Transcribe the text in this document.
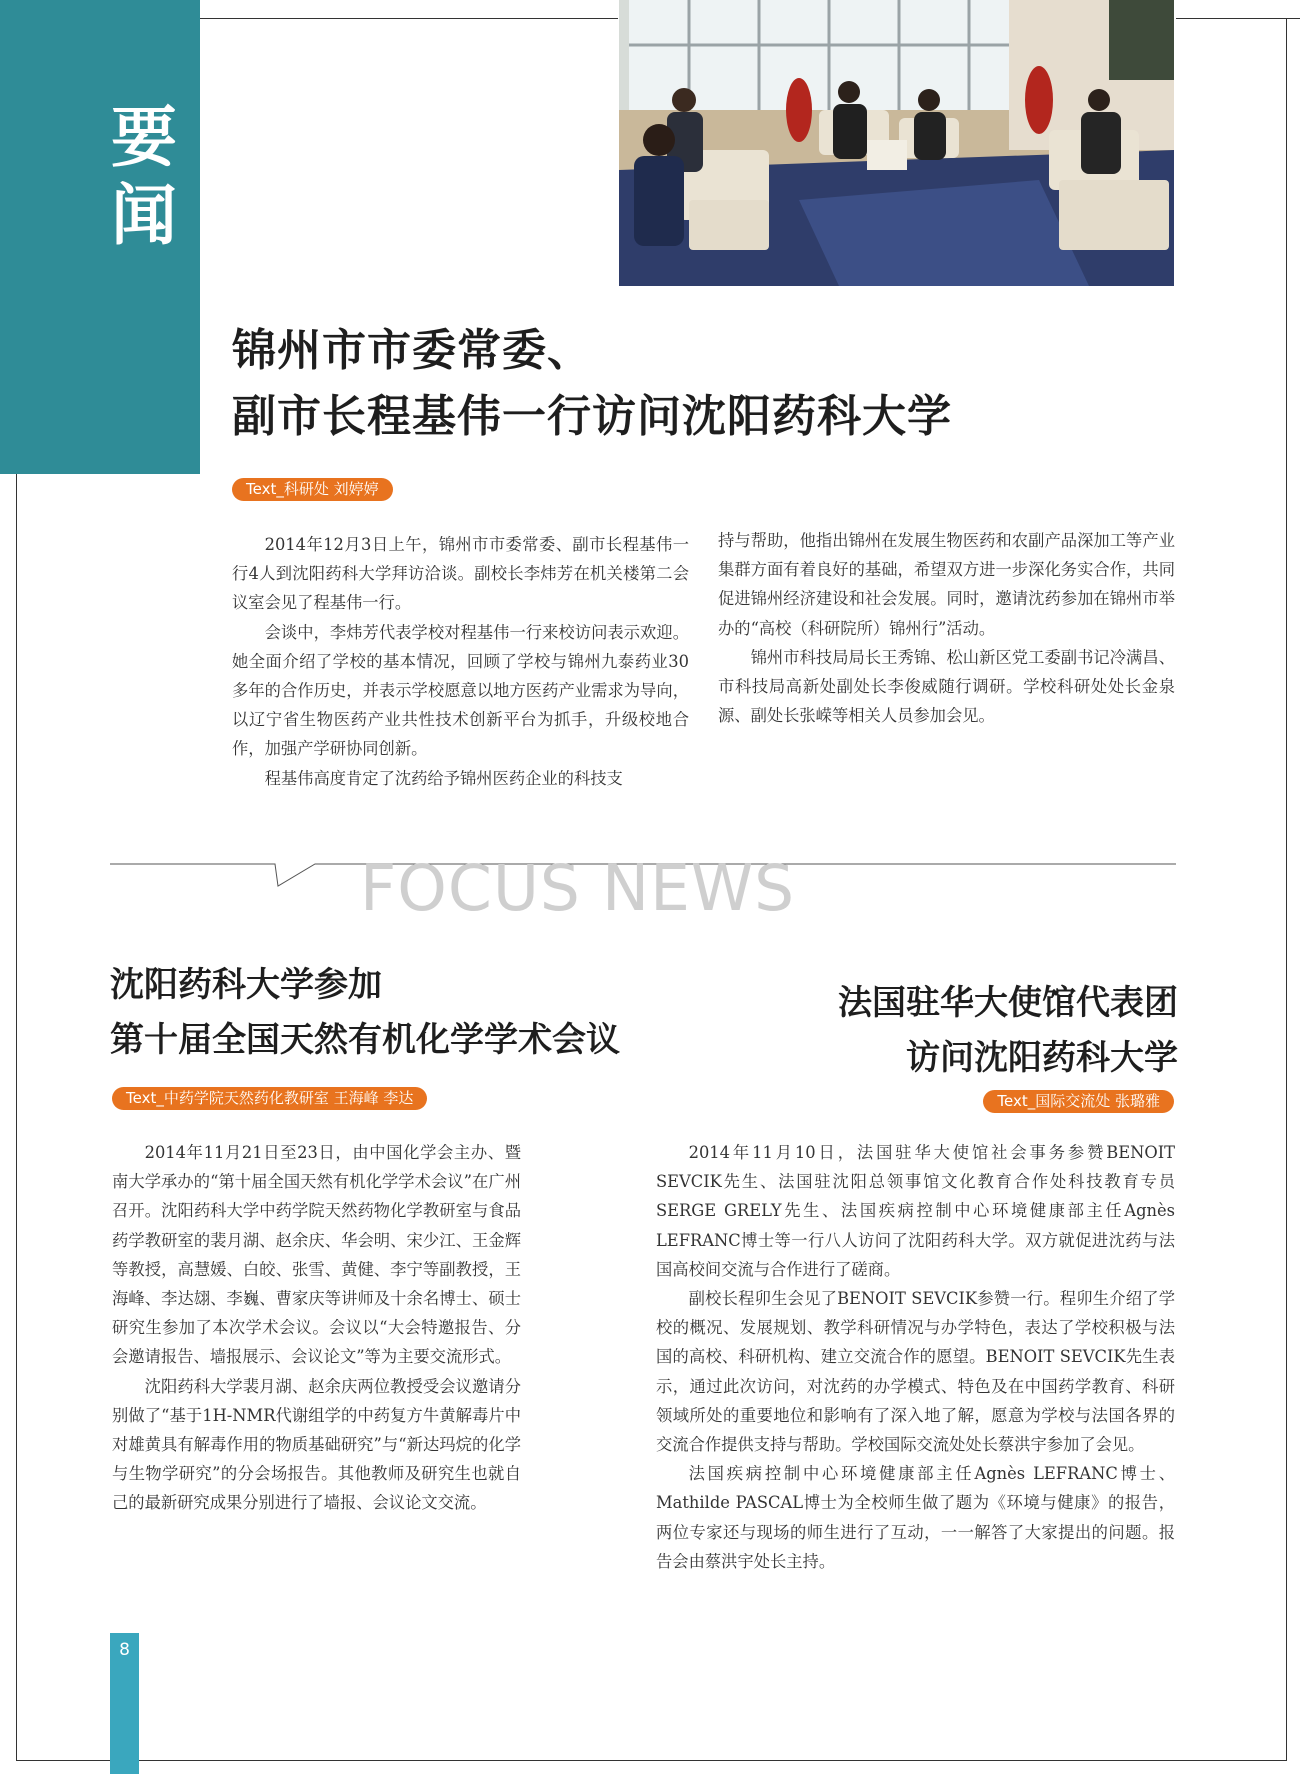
要
闻
锦州市市委常委、
副市长程基伟一行访问沈阳药科大学
Text_科研处 刘婷婷

2014年12月3日上午，锦州市市委常委、副市长程基伟一行4人到沈阳药科大学拜访洽谈。副校长李炜芳在机关楼第二会议室会见了程基伟一行。

会谈中，李炜芳代表学校对程基伟一行来校访问表示欢迎。她全面介绍了学校的基本情况，回顾了学校与锦州九泰药业30多年的合作历史，并表示学校愿意以地方医药产业需求为导向，以辽宁省生物医药产业共性技术创新平台为抓手，升级校地合作，加强产学研协同创新。

程基伟高度肯定了沈药给予锦州医药企业的科技支

持与帮助，他指出锦州在发展生物医药和农副产品深加工等产业集群方面有着良好的基础，希望双方进一步深化务实合作，共同促进锦州经济建设和社会发展。同时，邀请沈药参加在锦州市举办的“高校（科研院所）锦州行”活动。

锦州市科技局局长王秀锦、松山新区党工委副书记冷满昌、市科技局高新处副处长李俊威随行调研。学校科研处处长金泉源、副处长张嵘等相关人员参加会见。

FOCUS NEWS
沈阳药科大学参加
第十届全国天然有机化学学术会议
Text_中药学院天然药化教研室 王海峰 李达

2014年11月21日至23日，由中国化学会主办、暨南大学承办的“第十届全国天然有机化学学术会议”在广州召开。沈阳药科大学中药学院天然药物化学教研室与食品药学教研室的裴月湖、赵余庆、华会明、宋少江、王金辉等教授，高慧媛、白皎、张雪、黄健、李宁等副教授，王海峰、李达翃、李巍、曹家庆等讲师及十余名博士、硕士研究生参加了本次学术会议。会议以“大会特邀报告、分会邀请报告、墙报展示、会议论文”等为主要交流形式。

沈阳药科大学裴月湖、赵余庆两位教授受会议邀请分别做了“基于1H-NMR代谢组学的中药复方牛黄解毒片中对雄黄具有解毒作用的物质基础研究”与“新达玛烷的化学与生物学研究”的分会场报告。其他教师及研究生也就自己的最新研究成果分别进行了墙报、会议论文交流。

法国驻华大使馆代表团
访问沈阳药科大学
Text_国际交流处 张璐雅

2014年11月10日，法国驻华大使馆社会事务参赞BENOIT SEVCIK先生、法国驻沈阳总领事馆文化教育合作处科技教育专员SERGE GRELY先生、法国疾病控制中心环境健康部主任Agnès LEFRANC博士等一行八人访问了沈阳药科大学。双方就促进沈药与法国高校间交流与合作进行了磋商。

副校长程卯生会见了BENOIT SEVCIK参赞一行。程卯生介绍了学校的概况、发展规划、教学科研情况与办学特色，表达了学校积极与法国的高校、科研机构、建立交流合作的愿望。BENOIT SEVCIK先生表示，通过此次访问，对沈药的办学模式、特色及在中国药学教育、科研领域所处的重要地位和影响有了深入地了解，愿意为学校与法国各界的交流合作提供支持与帮助。学校国际交流处处长蔡洪宇参加了会见。

法国疾病控制中心环境健康部主任Agnès LEFRANC博士、Mathilde PASCAL博士为全校师生做了题为《环境与健康》的报告，两位专家还与现场的师生进行了互动，一一解答了大家提出的问题。报告会由蔡洪宇处长主持。

8
